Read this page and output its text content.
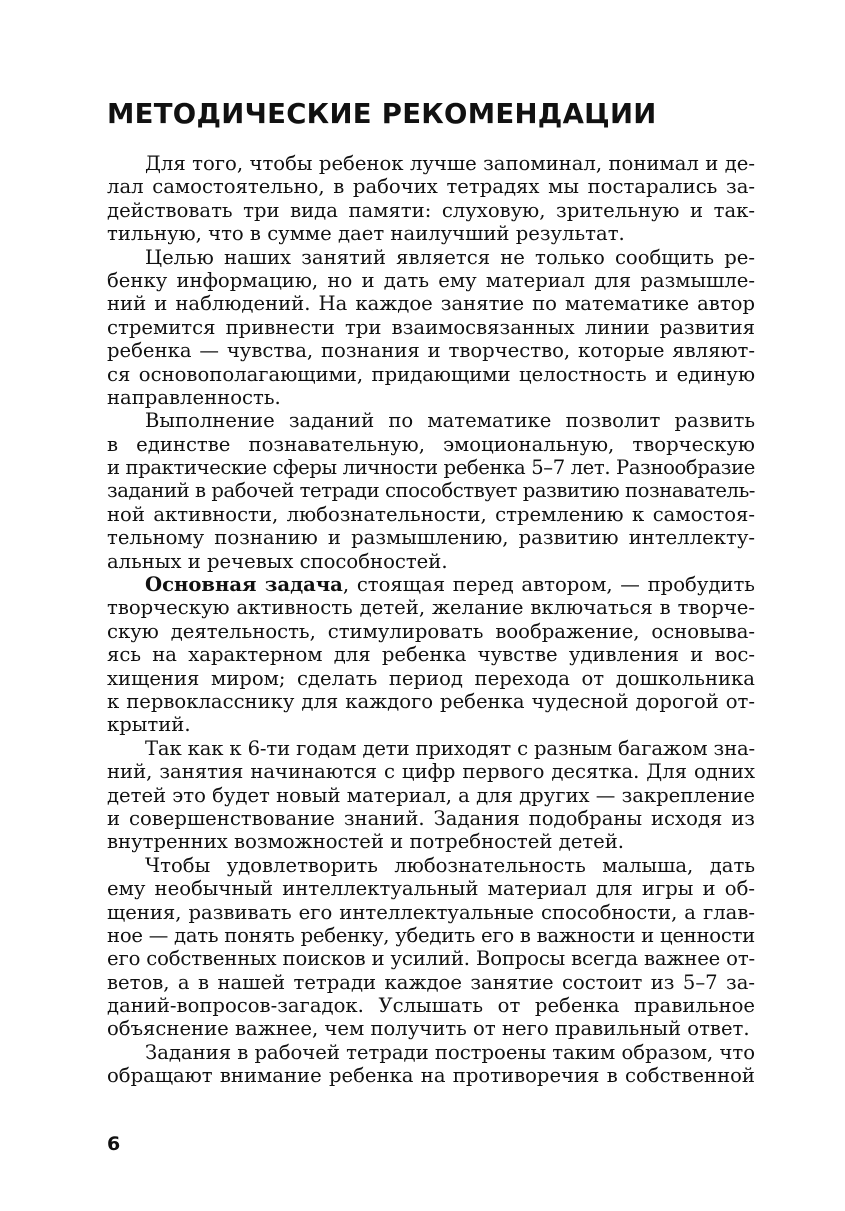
МЕТОДИЧЕСКИЕ РЕКОМЕНДАЦИИ
Для того, чтобы ребенок лучше запоминал, понимал и де-
лал самостоятельно, в рабочих тетрадях мы постарались за-
действовать три вида памяти: слуховую, зрительную и так-
тильную, что в сумме дает наилучший результат.
Целью наших занятий является не только сообщить ре-
бенку информацию, но и дать ему материал для размышле-
ний и наблюдений. На каждое занятие по математике автор
стремится привнести три взаимосвязанных линии развития
ребенка — чувства, познания и творчество, которые являют-
ся основополагающими, придающими целостность и единую
направленность.
Выполнение заданий по математике позволит развить
в единстве познавательную, эмоциональную, творческую
и практические сферы личности ребенка 5–7 лет. Разнообразие
заданий в рабочей тетради способствует развитию познаватель-
ной активности, любознательности, стремлению к самостоя-
тельному познанию и размышлению, развитию интеллекту-
альных и речевых способностей.
Основная задача, стоящая перед автором, — пробудить
творческую активность детей, желание включаться в творче-
скую деятельность, стимулировать воображение, основыва-
ясь на характерном для ребенка чувстве удивления и вос-
хищения миром; сделать период перехода от дошкольника
к первокласснику для каждого ребенка чудесной дорогой от-
крытий.
Так как к 6-ти годам дети приходят с разным багажом зна-
ний, занятия начинаются с цифр первого десятка. Для одних
детей это будет новый материал, а для других — закрепление
и совершенствование знаний. Задания подобраны исходя из
внутренних возможностей и потребностей детей.
Чтобы удовлетворить любознательность малыша, дать
ему необычный интеллектуальный материал для игры и об-
щения, развивать его интеллектуальные способности, а глав-
ное — дать понять ребенку, убедить его в важности и ценности
его собственных поисков и усилий. Вопросы всегда важнее от-
ветов, а в нашей тетради каждое занятие состоит из 5–7 за-
даний-вопросов-загадок. Услышать от ребенка правильное
объяснение важнее, чем получить от него правильный ответ.
Задания в рабочей тетради построены таким образом, что
обращают внимание ребенка на противоречия в собственной
6
